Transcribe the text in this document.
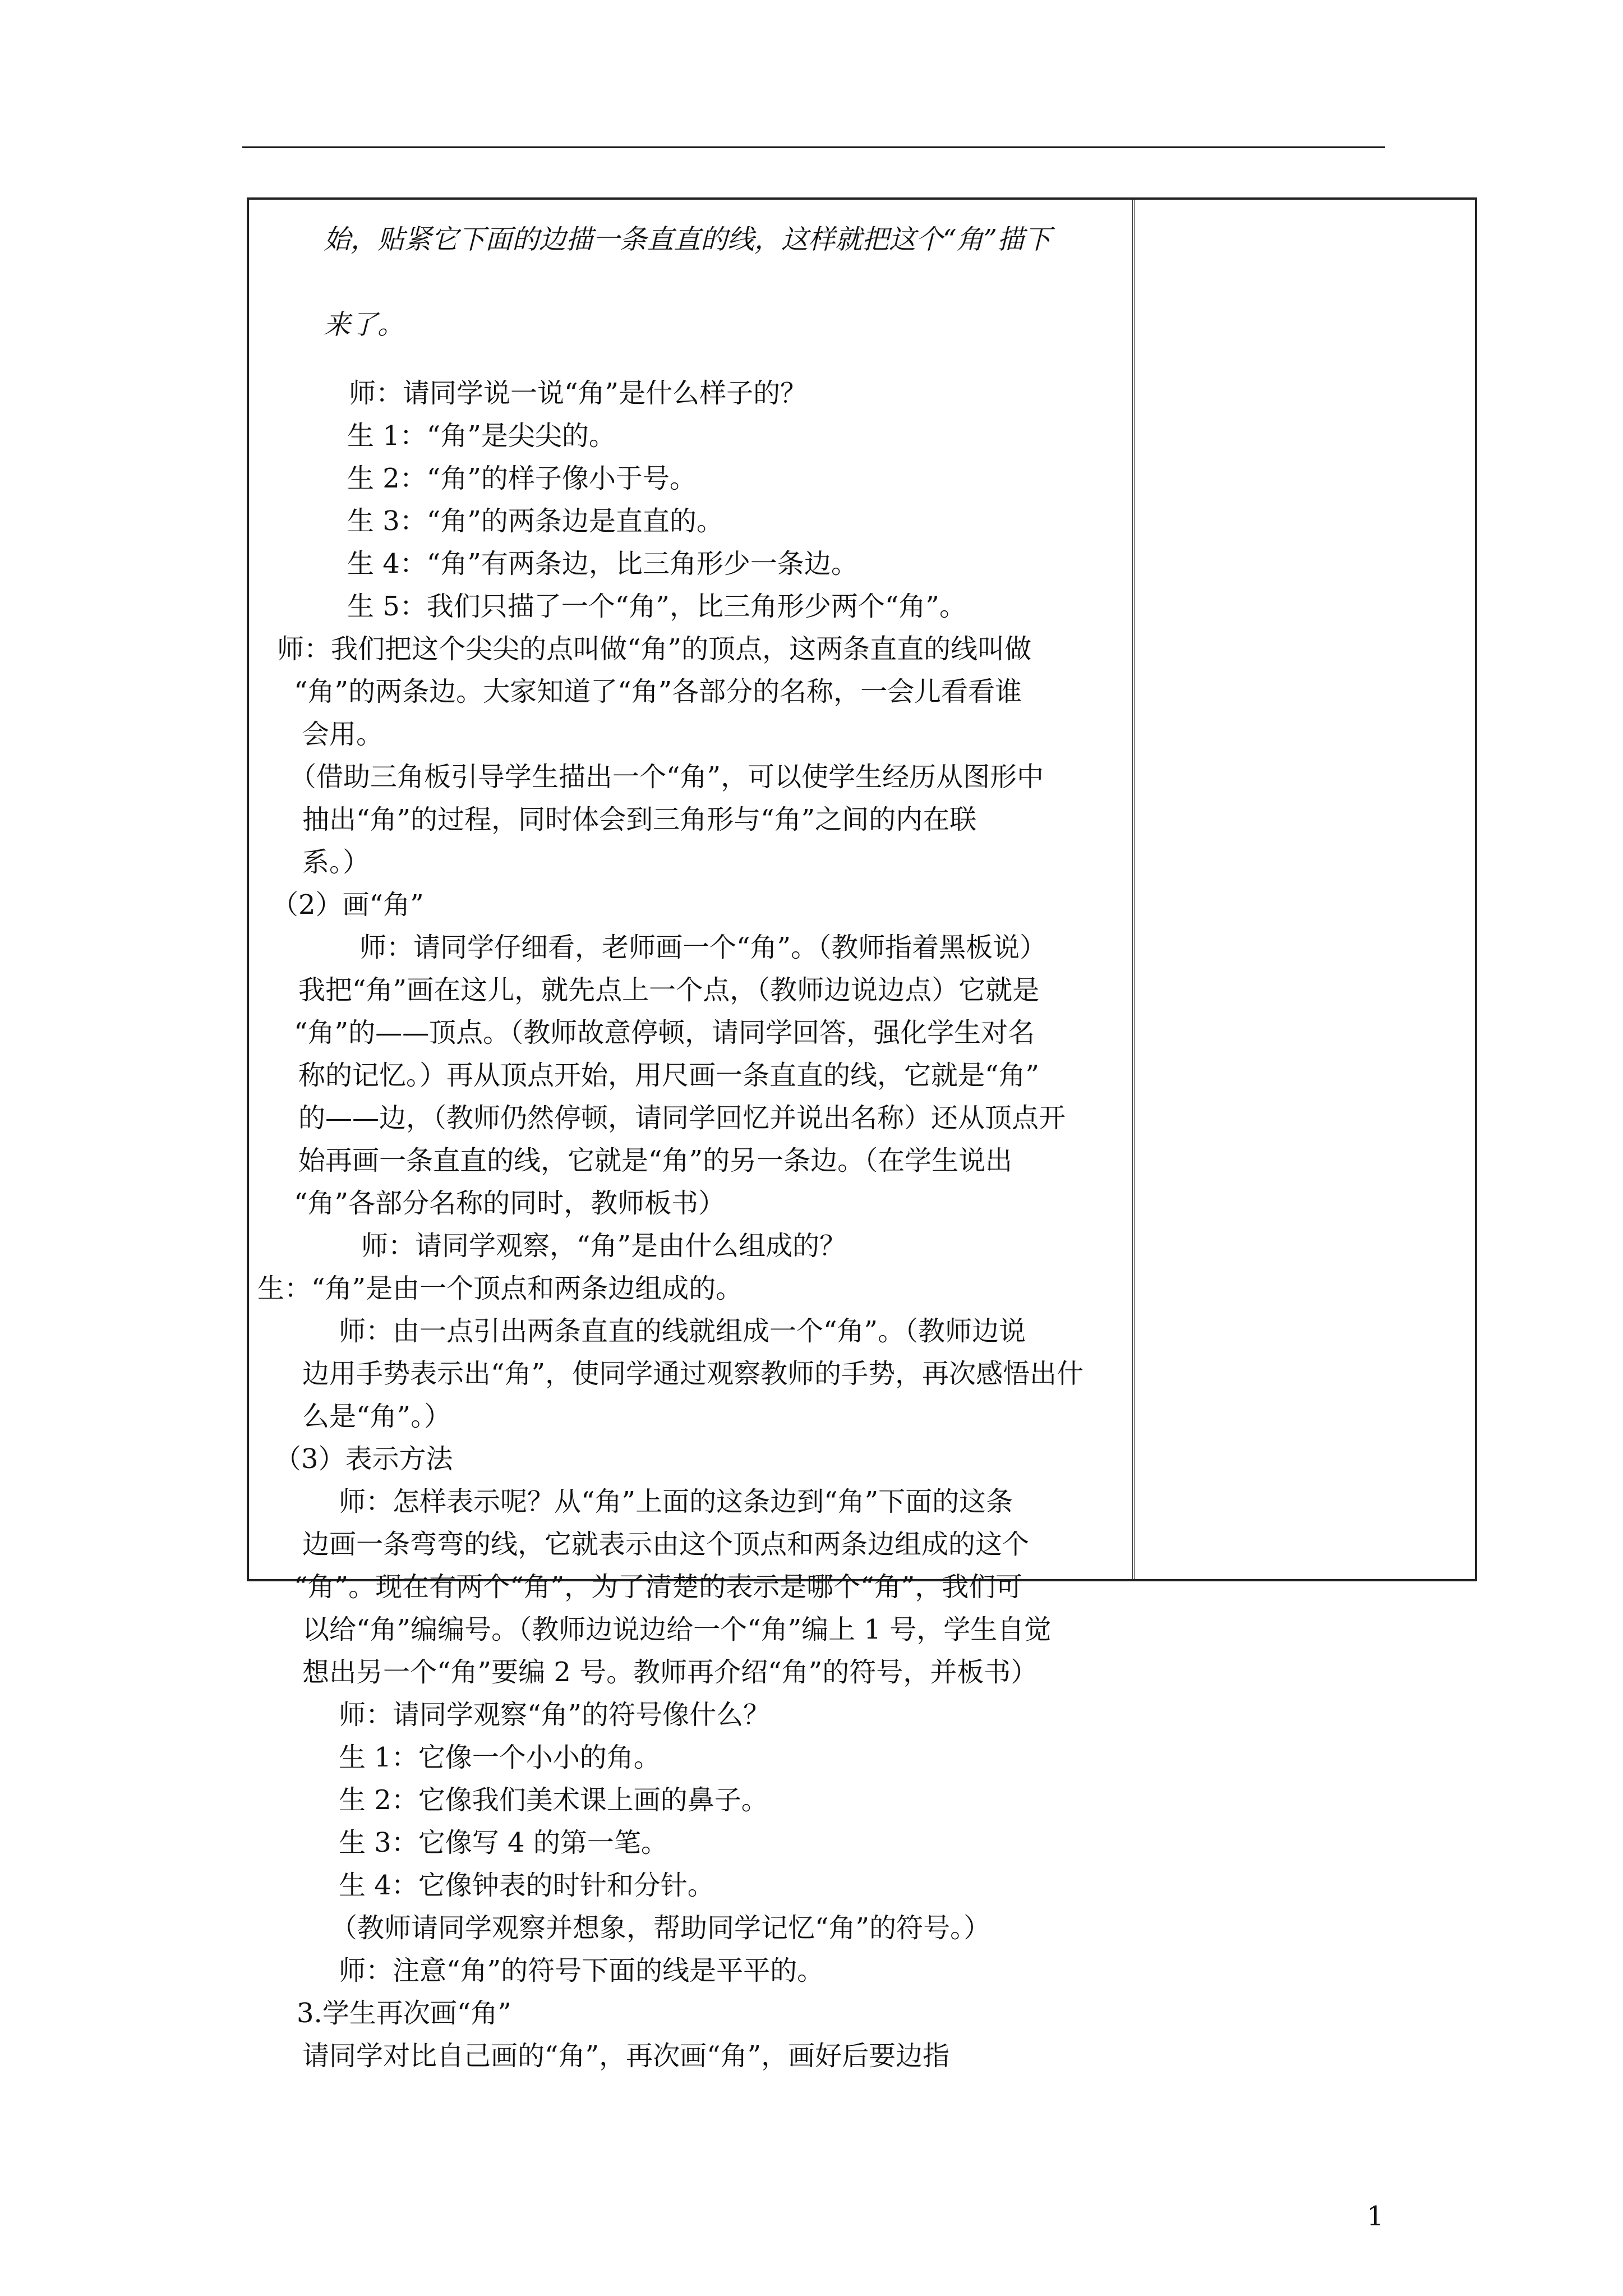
始，贴紧它下面的边描一条直直的线，这样就把这个“角”描下
来了。
师：请同学说一说“角”是什么样子的？
生 1：“角”是尖尖的。
生 2：“角”的样子像小于号。
生 3：“角”的两条边是直直的。
生 4：“角”有两条边，比三角形少一条边。
生 5：我们只描了一个“角”，比三角形少两个“角”。
师：我们把这个尖尖的点叫做“角”的顶点，这两条直直的线叫做
“角”的两条边。大家知道了“角”各部分的名称，一会儿看看谁
会用。
（借助三角板引导学生描出一个“角”，可以使学生经历从图形中
抽出“角”的过程，同时体会到三角形与“角”之间的内在联
系。）
（2）画“角”
师：请同学仔细看，老师画一个“角”。（教师指着黑板说）
我把“角”画在这儿，就先点上一个点，（教师边说边点）它就是
“角”的——顶点。（教师故意停顿，请同学回答，强化学生对名
称的记忆。）再从顶点开始，用尺画一条直直的线，它就是“角”
的——边，（教师仍然停顿，请同学回忆并说出名称）还从顶点开
始再画一条直直的线，它就是“角”的另一条边。（在学生说出
“角”各部分名称的同时，教师板书）
师：请同学观察，“角”是由什么组成的？
生：“角”是由一个顶点和两条边组成的。
师：由一点引出两条直直的线就组成一个“角”。（教师边说
边用手势表示出“角”，使同学通过观察教师的手势，再次感悟出什
么是“角”。）
（3）表示方法
师：怎样表示呢？从“角”上面的这条边到“角”下面的这条
边画一条弯弯的线，它就表示由这个顶点和两条边组成的这个
“角”。现在有两个“角”，为了清楚的表示是哪个“角”，我们可
以给“角”编编号。（教师边说边给一个“角”编上 1 号，学生自觉
想出另一个“角”要编 2 号。教师再介绍“角”的符号，并板书）
师：请同学观察“角”的符号像什么？
生 1：它像一个小小的角。
生 2：它像我们美术课上画的鼻子。
生 3：它像写 4 的第一笔。
生 4：它像钟表的时针和分针。
（教师请同学观察并想象，帮助同学记忆“角”的符号。）
师：注意“角”的符号下面的线是平平的。
3.学生再次画“角”
请同学对比自己画的“角”，再次画“角”，画好后要边指
1
